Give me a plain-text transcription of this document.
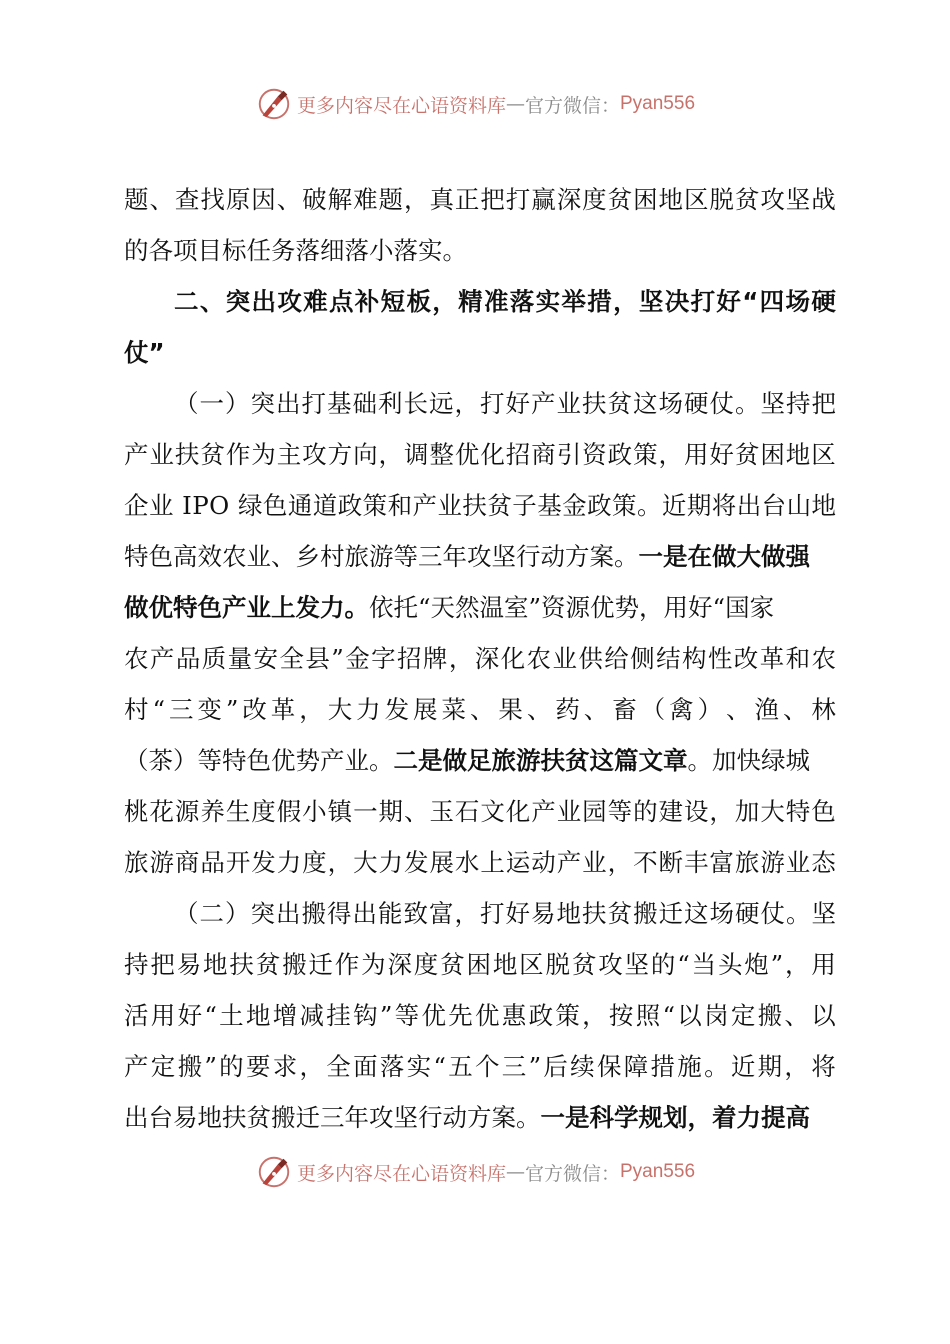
更多内容尽在心语资料库 — 官方微信： Pyan556
题 、 查 找 原 因 、 破 解 难 题 ， 真 正 把 打 赢 深 度 贫 困 地 区 脱 贫 攻 坚 战
的各项目标任务落细落小落实。
二 、 突 出 攻 难 点 补 短 板 ， 精 准 落 实 举 措 ， 坚 决 打 好 “ 四 场 硬
仗”
（ 一 ） 突 出 打 基 础 利 长 远 ， 打 好 产 业 扶 贫 这 场 硬 仗 。 坚 持 把
产 业 扶 贫 作 为 主 攻 方 向 ， 调 整 优 化 招 商 引 资 政 策 ， 用 好 贫 困 地 区
企 业
I P O
绿 色 通 道 政 策 和 产 业 扶 贫 子 基 金 政 策 。 近 期 将 出 台 山 地
特色高效农业、乡村旅游等三年攻坚行动方案。 一是在做大做强
做优特色产业上发力。 依托“天然温室”资源优势，用好“国家
农 产 品 质 量 安 全 县 ” 金 字 招 牌 ， 深 化 农 业 供 给 侧 结 构 性 改 革 和 农
村 “ 三 变 ” 改 革 ， 大 力 发 展 菜 、 果 、 药 、 畜 （ 禽 ） 、 渔 、 林
（茶）等特色优势产业。 二是做足旅游扶贫这篇文章 。加快绿城
桃 花 源 养 生 度 假 小 镇 一 期 、 玉 石 文 化 产 业 园 等 的 建 设 ， 加 大 特 色
旅 游 商 品 开 发 力 度 ， 大 力 发 展 水 上 运 动 产 业 ， 不 断 丰 富 旅 游 业 态
（ 二 ） 突 出 搬 得 出 能 致 富 ， 打 好 易 地 扶 贫 搬 迁 这 场 硬 仗 。 坚
持 把 易 地 扶 贫 搬 迁 作 为 深 度 贫 困 地 区 脱 贫 攻 坚 的 “ 当 头 炮 ” ， 用
活 用 好 “ 土 地 增 减 挂 钩 ” 等 优 先 优 惠 政 策 ， 按 照 “ 以 岗 定 搬 、 以
产 定 搬 ” 的 要 求 ， 全 面 落 实 “ 五 个 三 ” 后 续 保 障 措 施 。 近 期 ， 将
出台易地扶贫搬迁三年攻坚行动方案。 一是科学规划，着力提高
更多内容尽在心语资料库 — 官方微信： Pyan556
